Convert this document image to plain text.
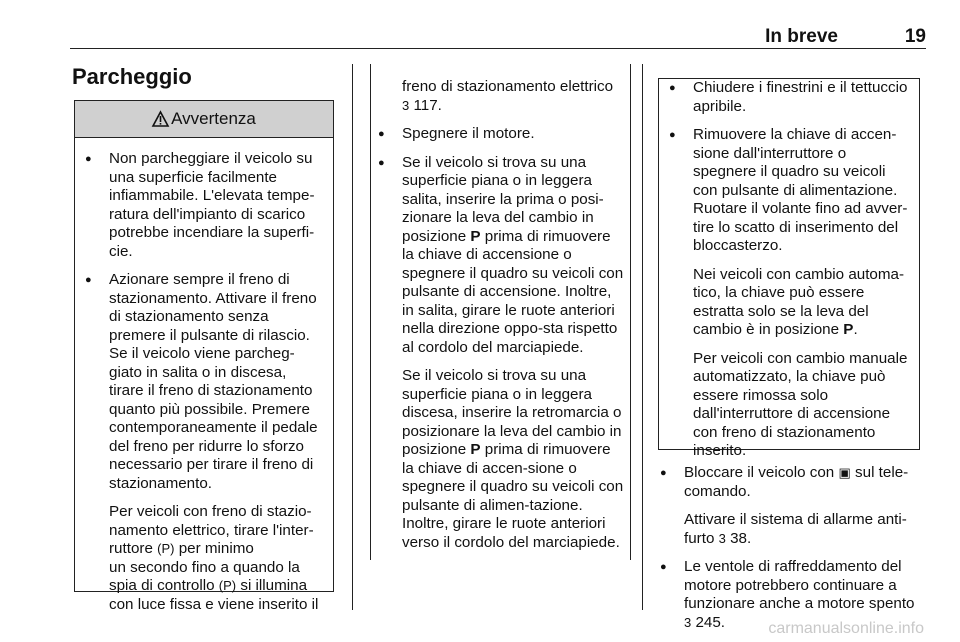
In breve	19
Parcheggio
Avvertenza

● Non parcheggiare il veicolo su una superficie facilmente infiammabile. L'elevata tempe-ratura dell'impianto di scarico potrebbe incendiare la superfi-cie.

● Azionare sempre il freno di stazionamento. Attivare il freno di stazionamento senza premere il pulsante di rilascio. Se il veicolo viene parcheg-giato in salita o in discesa, tirare il freno di stazionamento quanto più possibile. Premere contemporaneamente il pedale del freno per ridurre lo sforzo necessario per tirare il freno di stazionamento.

Per veicoli con freno di stazio-namento elettrico, tirare l'inter-ruttore (P) per minimo
un secondo fino a quando la spia di controllo (P) si illumina con luce fissa e viene inserito il

freno di stazionamento elettrico
3 117.

● Spegnere il motore.

● Se il veicolo si trova su una superficie piana o in leggera salita, inserire la prima o posi-zionare la leva del cambio in posizione P prima di rimuovere la chiave di accensione o spegnere il quadro su veicoli con pulsante di accensione. Inoltre, in salita, girare le ruote anteriori nella direzione oppo-sta rispetto al cordolo del marciapiede.

Se il veicolo si trova su una superficie piana o in leggera discesa, inserire la retromarcia o posizionare la leva del cambio in posizione P prima di rimuovere la chiave di accen-sione o spegnere il quadro su veicoli con pulsante di alimen-tazione. Inoltre, girare le ruote anteriori verso il cordolo del marciapiede.

● Chiudere i finestrini e il tettuccio apribile.

● Rimuovere la chiave di accen-sione dall'interruttore o spegnere il quadro su veicoli con pulsante di alimentazione. Ruotare il volante fino ad avver-tire lo scatto di inserimento del bloccasterzo.

Nei veicoli con cambio automa-tico, la chiave può essere estratta solo se la leva del cambio è in posizione P.

Per veicoli con cambio manuale automatizzato, la chiave può essere rimossa solo dall'interruttore di accensione con freno di stazionamento inserito.

● Bloccare il veicolo con ▣ sul tele-comando.

Attivare il sistema di allarme anti-furto 3 38.

● Le ventole di raffreddamento del motore potrebbero continuare a funzionare anche a motore spento 3 245.	carmanualsonline.info
